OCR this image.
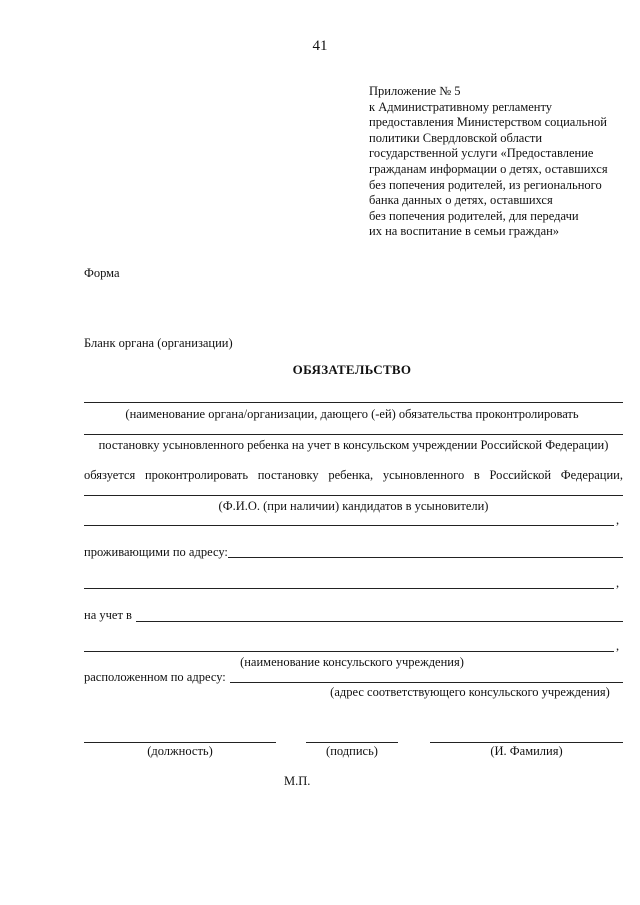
41
Приложение № 5
к Административному регламенту
предоставления Министерством социальной
политики Свердловской области
государственной услуги «Предоставление
гражданам информации о детях, оставшихся
без попечения родителей, из регионального
банка данных о детях, оставшихся
без попечения родителей, для передачи
их на воспитание в семьи граждан»
Форма
Бланк органа (организации)
ОБЯЗАТЕЛЬСТВО
(наименование органа/организации, дающего (-ей) обязательства проконтролировать
постановку усыновленного ребенка на учет в консульском учреждении Российской Федерации)
обязуется проконтролировать постановку ребенка, усыновленного в Российской Федерации,
(Ф.И.О. (при наличии) кандидатов в усыновители)
,
проживающими по адресу:
,
на учет в
,
(наименование консульского учреждения)
расположенном по адресу:
(адрес соответствующего консульского учреждения)
(должность)	(подпись)	(И. Фамилия)
М.П.
